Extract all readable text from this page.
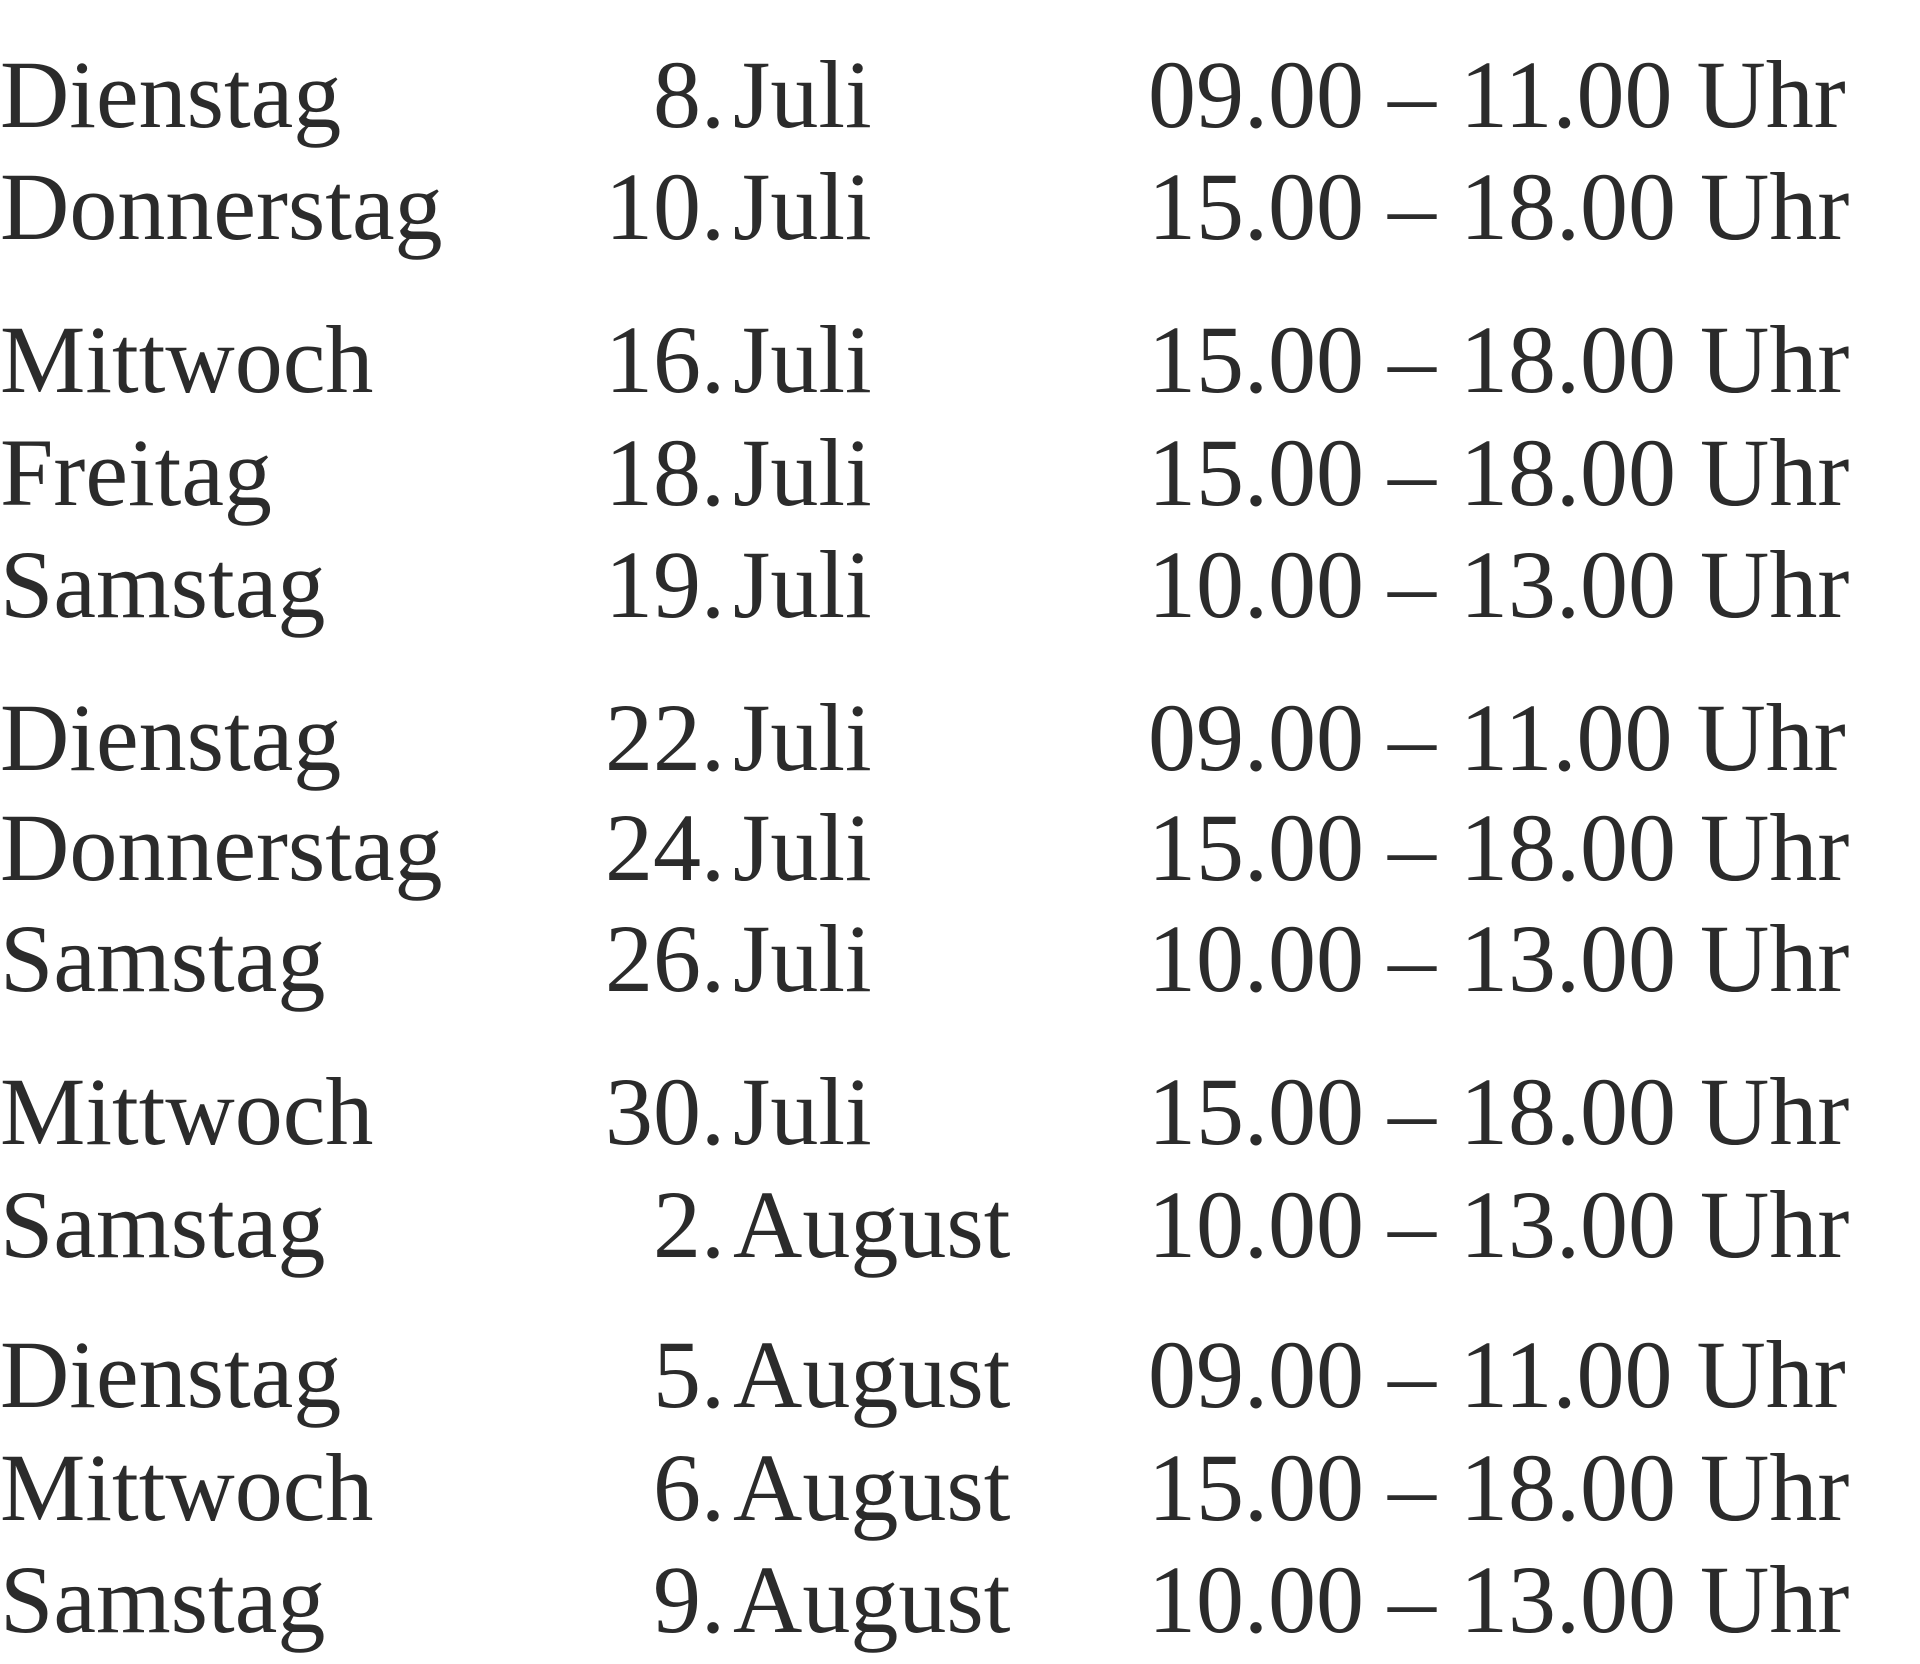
Dienstag	8.Juli	09.00 – 11.00 Uhr
Donnerstag	10.Juli	15.00 – 18.00 Uhr
Mittwoch	16.Juli	15.00 – 18.00 Uhr
Freitag	18.Juli	15.00 – 18.00 Uhr
Samstag	19.Juli	10.00 – 13.00 Uhr
Dienstag	22.Juli	09.00 – 11.00 Uhr
Donnerstag	24.Juli	15.00 – 18.00 Uhr
Samstag	26.Juli	10.00 – 13.00 Uhr
Mittwoch	30.Juli	15.00 – 18.00 Uhr
Samstag	2.August 10.00 – 13.00 Uhr
Dienstag	5.August 09.00 – 11.00 Uhr
Mittwoch	6.August 15.00 – 18.00 Uhr
Samstag	9.August 10.00 – 13.00 Uhr
